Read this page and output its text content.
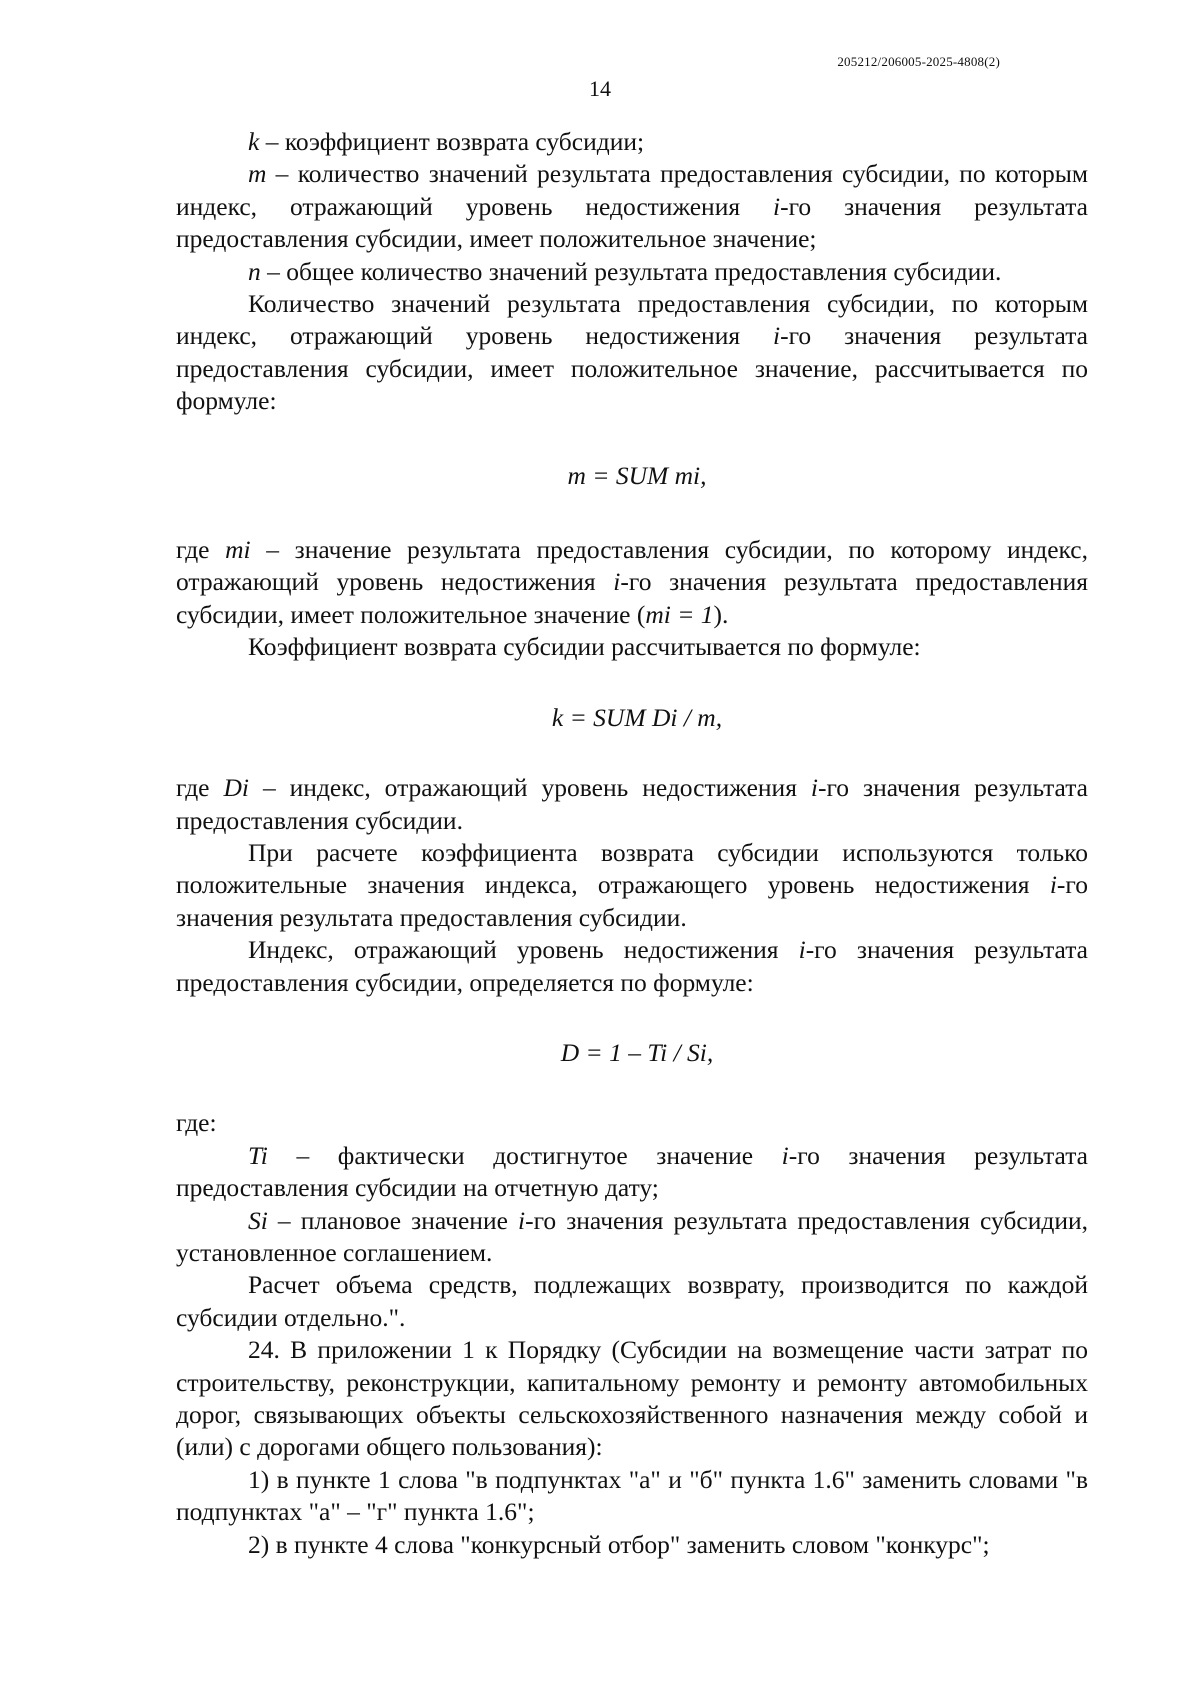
205212/206005-2025-4808(2)
14

k – коэффициент возврата субсидии;

m – количество значений результата предоставления субсидии, по которым индекс, отражающий уровень недостижения i-го значения результата предоставления субсидии, имеет положительное значение;

n – общее количество значений результата предоставления субсидии.

Количество значений результата предоставления субсидии, по которым индекс, отражающий уровень недостижения i-го значения результата предоставления субсидии, имеет положительное значение, рассчитывается по формуле:

m = SUM mi,

где mi – значение результата предоставления субсидии, по которому индекс, отражающий уровень недостижения i-го значения результата предоставления субсидии, имеет положительное значение (mi = 1).

Коэффициент возврата субсидии рассчитывается по формуле:

k = SUM Di / m,

где Di – индекс, отражающий уровень недостижения i-го значения результата предоставления субсидии.

При расчете коэффициента возврата субсидии используются только положительные значения индекса, отражающего уровень недостижения i-го значения результата предоставления субсидии.

Индекс, отражающий уровень недостижения i-го значения результата предоставления субсидии, определяется по формуле:

D = 1 – Ti / Si,

где:

Ti – фактически достигнутое значение i-го значения результата предоставления субсидии на отчетную дату;

Si – плановое значение i-го значения результата предоставления субсидии, установленное соглашением.

Расчет объема средств, подлежащих возврату, производится по каждой субсидии отдельно.".

24. В приложении 1 к Порядку (Субсидии на возмещение части затрат по строительству, реконструкции, капитальному ремонту и ремонту автомобильных дорог, связывающих объекты сельскохозяйственного назначения между собой и (или) с дорогами общего пользования):

1) в пункте 1 слова "в подпунктах "а" и "б" пункта 1.6" заменить словами "в подпунктах "а" – "г" пункта 1.6";

2) в пункте 4 слова "конкурсный отбор" заменить словом "конкурс";
